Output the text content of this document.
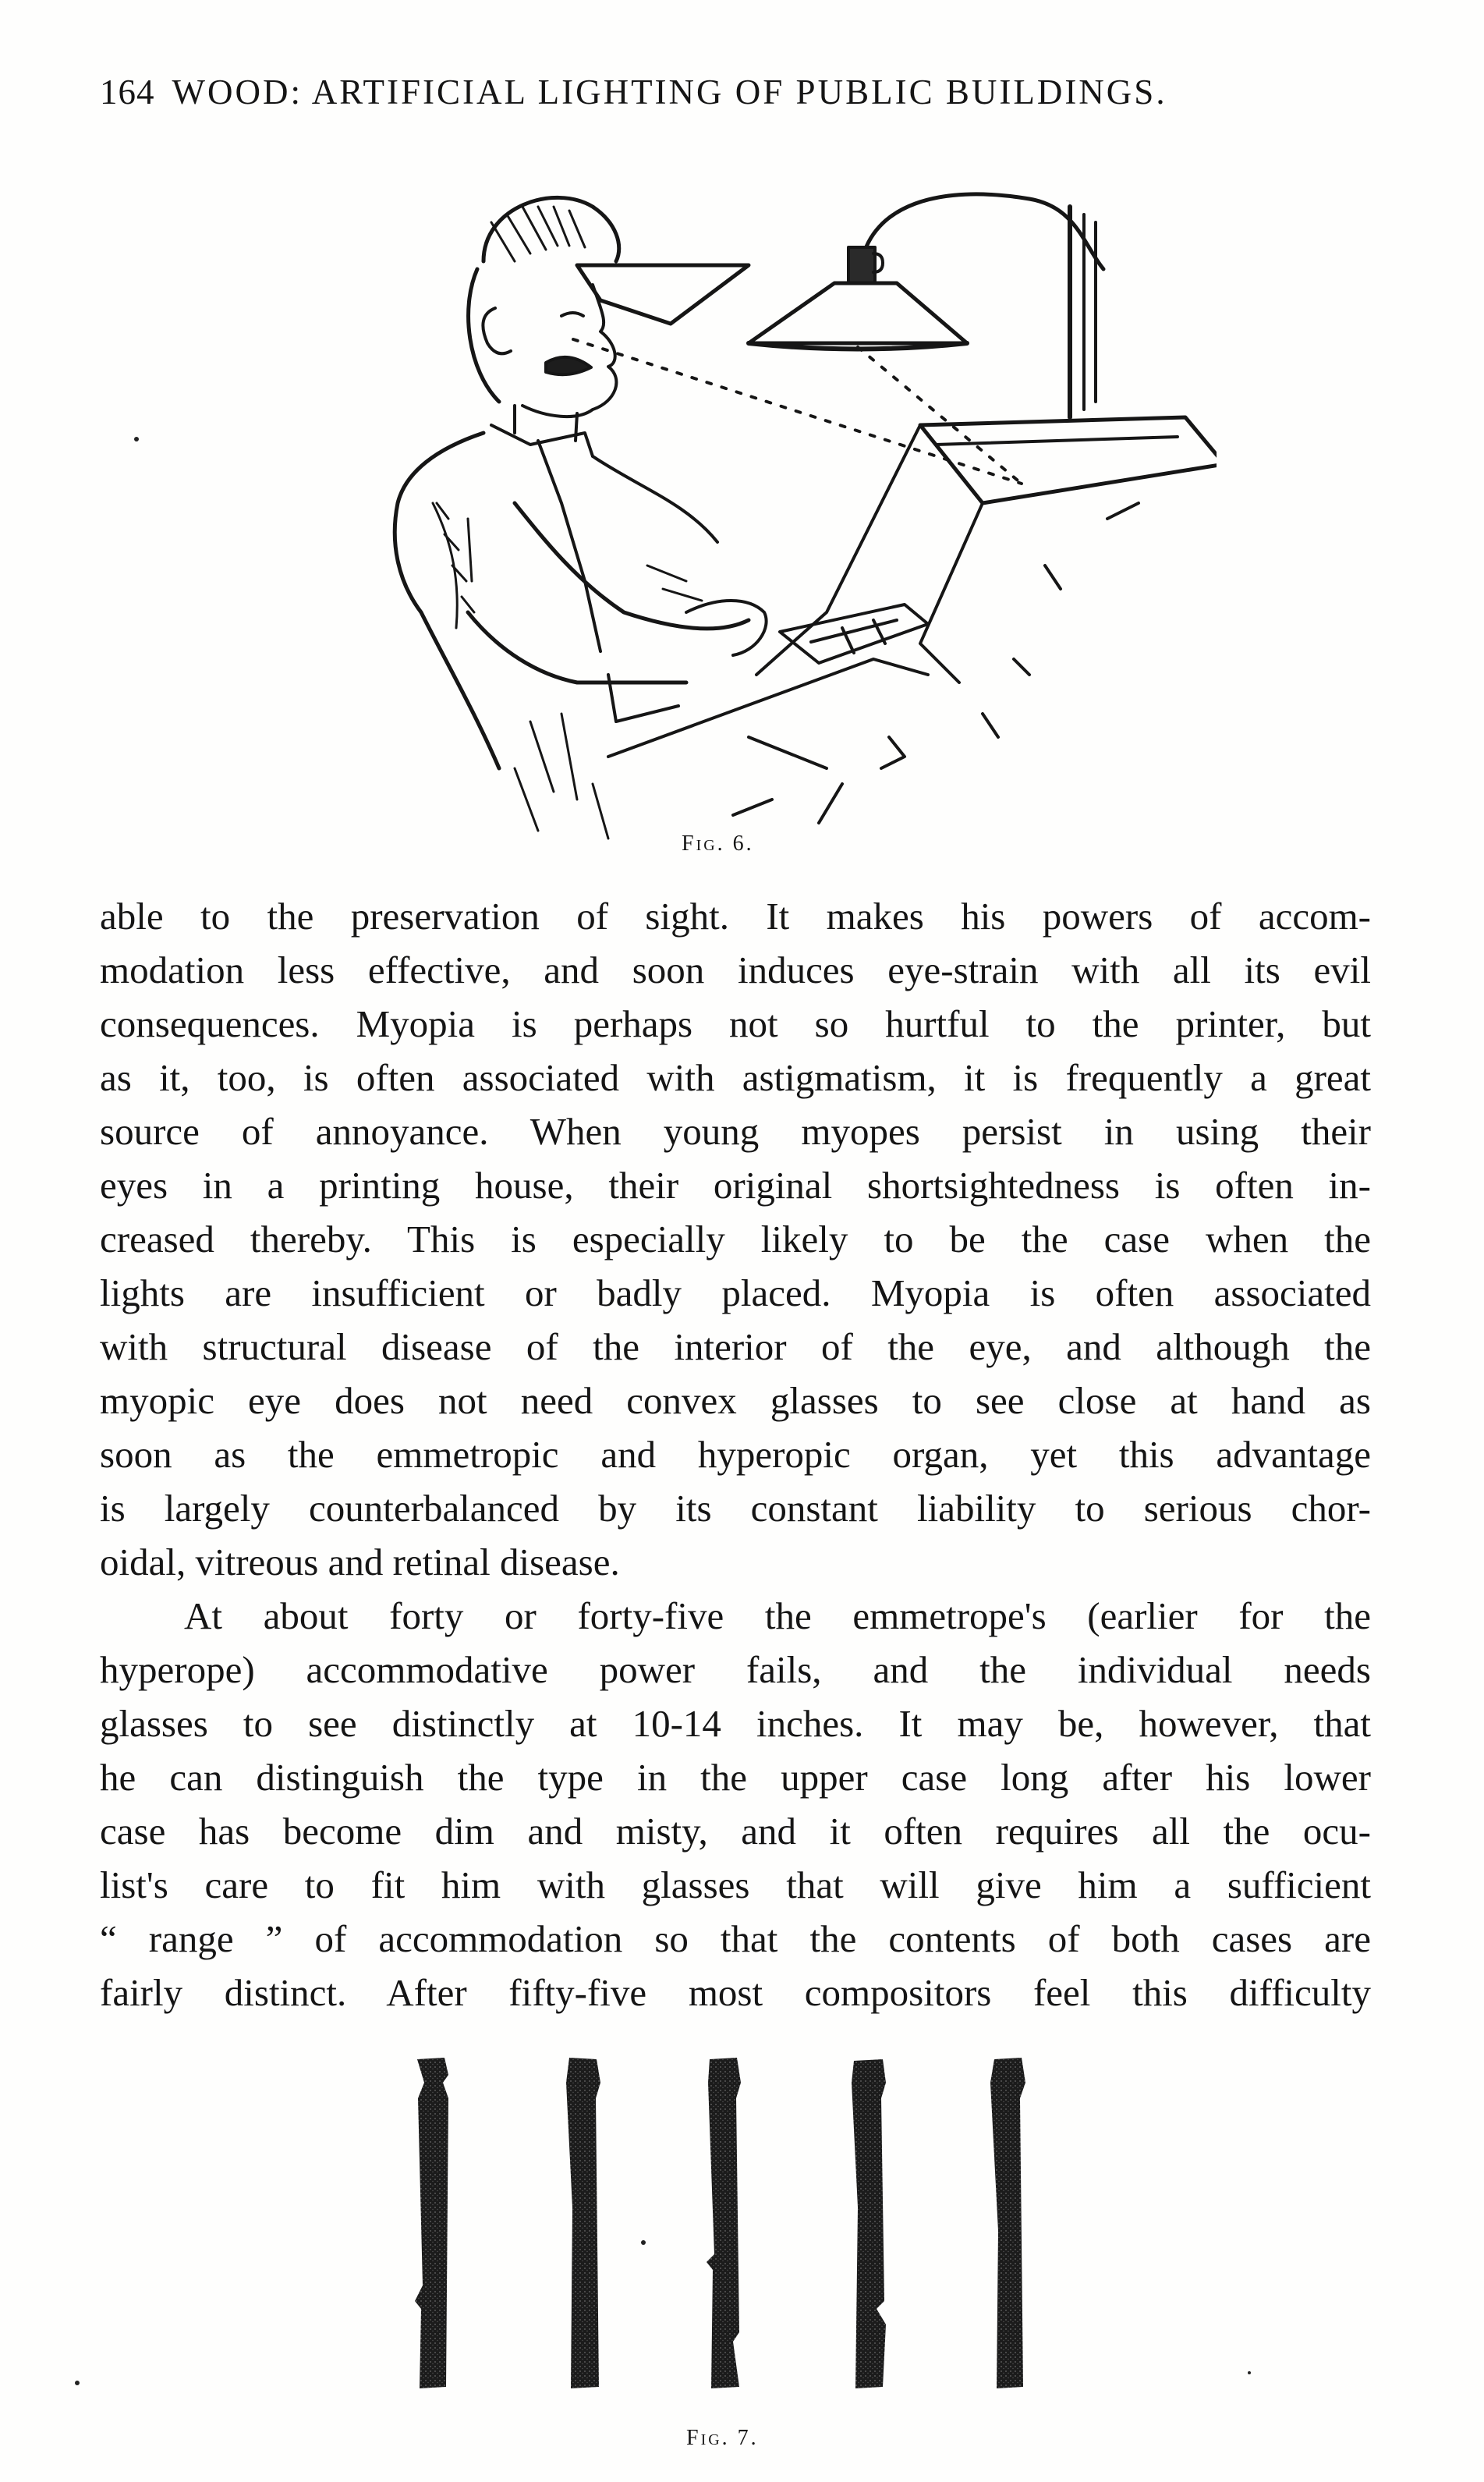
164 WOOD: ARTIFICIAL LIGHTING OF PUBLIC BUILDINGS.
Fig. 6.
able to the preservation of sight. It makes his powers of accom-
modation less effective, and soon induces eye-strain with all its evil
consequences. Myopia is perhaps not so hurtful to the printer, but
as it, too, is often associated with astigmatism, it is frequently a great
source of annoyance. When young myopes persist in using their
eyes in a printing house, their original shortsightedness is often in-
creased thereby. This is especially likely to be the case when the
lights are insufficient or badly placed. Myopia is often associated
with structural disease of the interior of the eye, and although the
myopic eye does not need convex glasses to see close at hand as
soon as the emmetropic and hyperopic organ, yet this advantage
is largely counterbalanced by its constant liability to serious chor-
oidal, vitreous and retinal disease.
At about forty or forty-five the emmetrope's (earlier for the
hyperope) accommodative power fails, and the individual needs
glasses to see distinctly at 10-14 inches. It may be, however, that
he can distinguish the type in the upper case long after his lower
case has become dim and misty, and it often requires all the ocu-
list's care to fit him with glasses that will give him a sufficient
“ range ” of accommodation so that the contents of both cases are
fairly distinct. After fifty-five most compositors feel this difficulty
Fig. 7.
